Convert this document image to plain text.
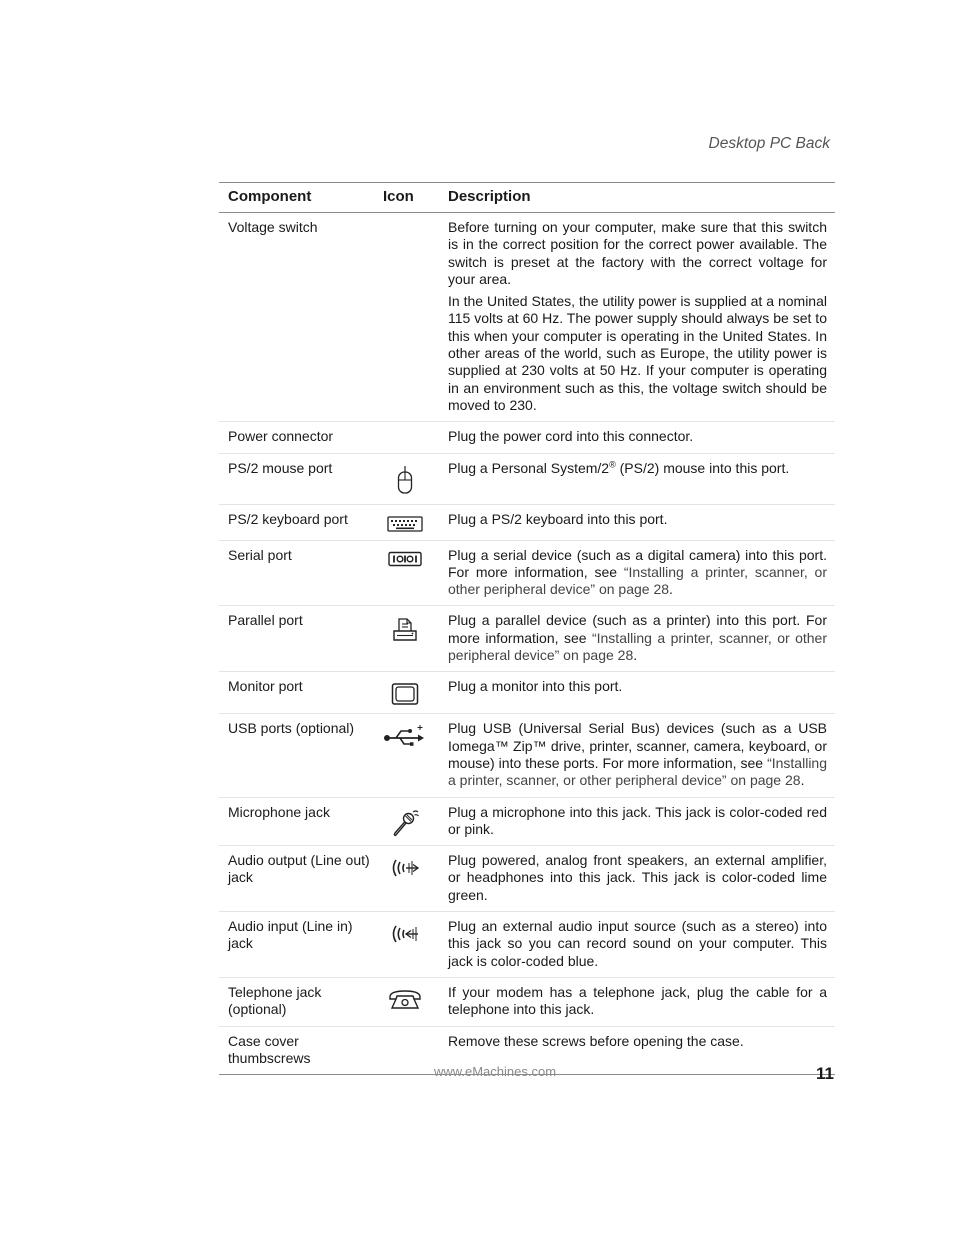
Desktop PC Back
Component	Icon	Description
Voltage switch		Before turning on your computer, make sure that this switch is in the correct position for the correct power available. The switch is preset at the factory with the correct voltage for your area.
In the United States, the utility power is supplied at a nominal 115 volts at 60 Hz. The power supply should always be set to this when your computer is operating in the United States. In other areas of the world, such as Europe, the utility power is supplied at 230 volts at 50 Hz. If your computer is operating in an environment such as this, the voltage switch should be moved to 230.

Power connector		Plug the power cord into this connector.
PS/2 mouse port		Plug a Personal System/2® (PS/2) mouse into this port.
PS/2 keyboard port		Plug a PS/2 keyboard into this port.
Serial port		Plug a serial device (such as a digital camera) into this port. For more information, see “Installing a printer, scanner, or other peripheral device” on page 28.
Parallel port		Plug a parallel device (such as a printer) into this port. For more information, see “Installing a printer, scanner, or other peripheral device” on page 28.
Monitor port		Plug a monitor into this port.
USB ports (optional)		Plug USB (Universal Serial Bus) devices (such as a USB Iomega™ Zip™ drive, printer, scanner, camera, keyboard, or mouse) into these ports. For more information, see “Installing a printer, scanner, or other peripheral device” on page 28.
Microphone jack		Plug a microphone into this jack. This jack is color-coded red or pink.
Audio output (Line out) jack		Plug powered, analog front speakers, an external amplifier, or headphones into this jack. This jack is color-coded lime green.
Audio input (Line in) jack		Plug an external audio input source (such as a stereo) into this jack so you can record sound on your computer. This jack is color-coded blue.
Telephone jack (optional)		If your modem has a telephone jack, plug the cable for a telephone into this jack.
Case cover thumbscrews		Remove these screws before opening the case.
www.eMachines.com	11
